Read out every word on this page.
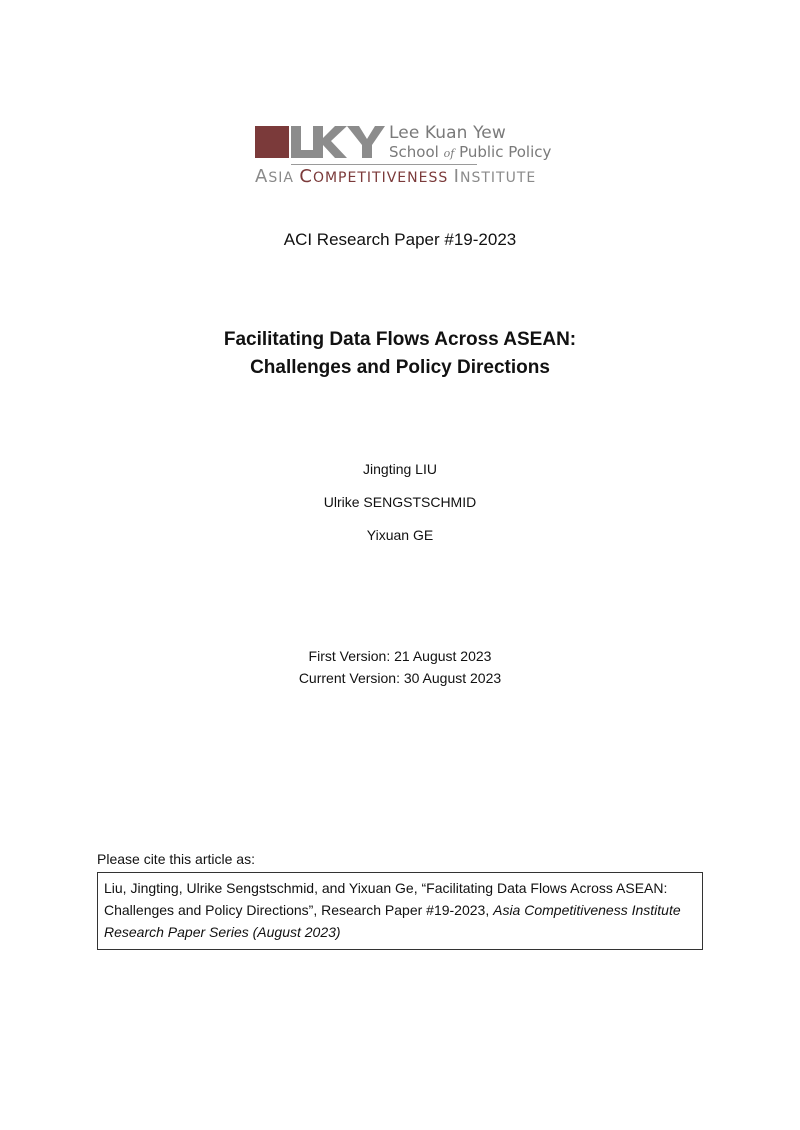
Lee Kuan Yew
School of Public Policy
ASIA COMPETITIVENESS INSTITUTE
ACI Research Paper #19-2023
Facilitating Data Flows Across ASEAN:
Challenges and Policy Directions
Jingting LIU
Ulrike SENGSTSCHMID
Yixuan GE
First Version: 21 August 2023
Current Version: 30 August 2023
Please cite this article as:
Liu, Jingting, Ulrike Sengstschmid, and Yixuan Ge, “Facilitating Data Flows Across ASEAN: Challenges and Policy Directions”, Research Paper #19-2023, Asia Competitiveness Institute Research Paper Series (August 2023)
